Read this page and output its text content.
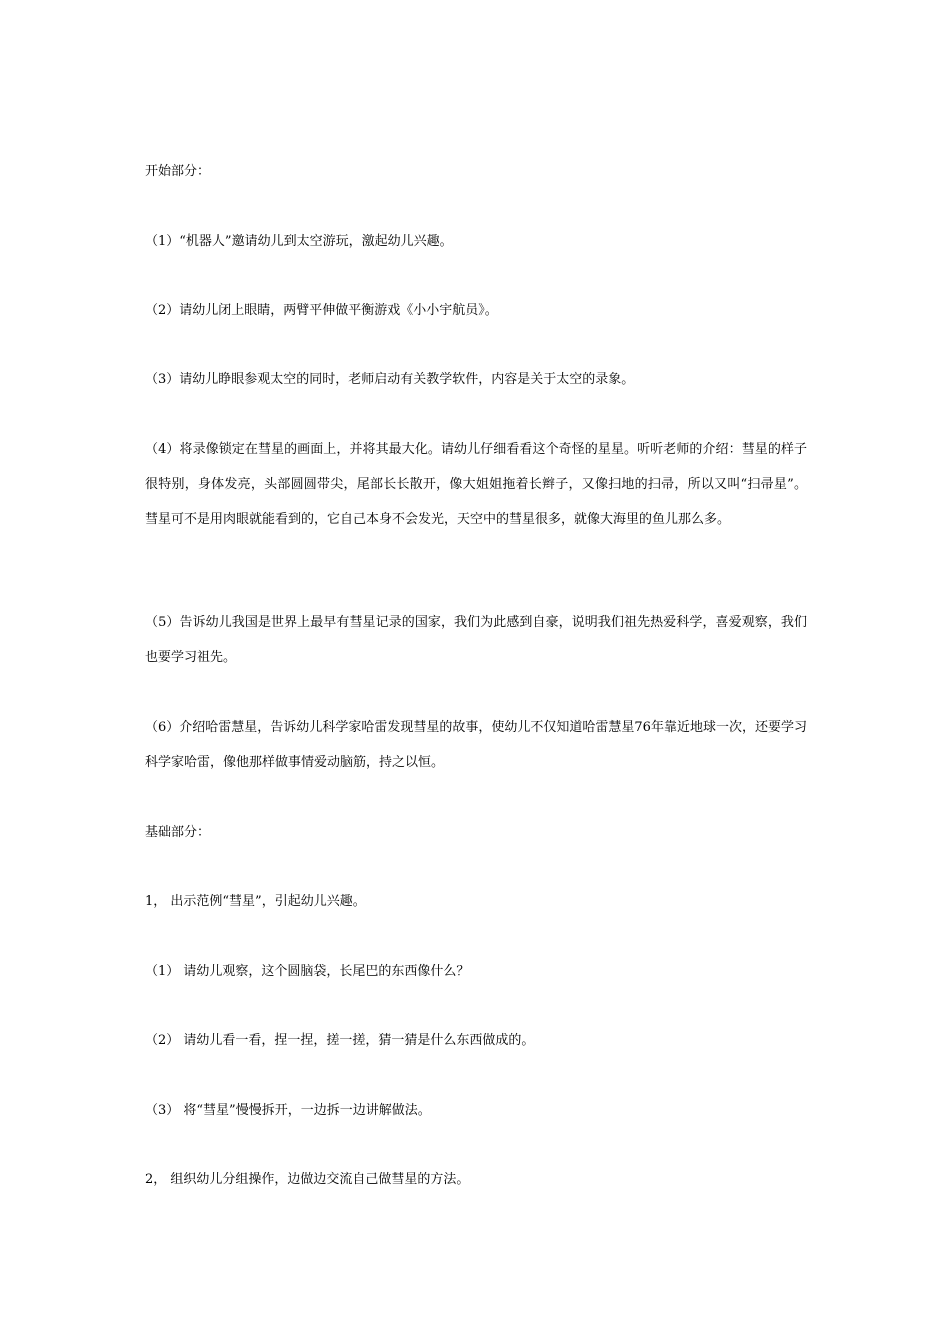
开始部分：

（1）“机器人”邀请幼儿到太空游玩，激起幼儿兴趣。

（2）请幼儿闭上眼睛，两臂平伸做平衡游戏《小小宇航员》。

（3）请幼儿睁眼参观太空的同时，老师启动有关教学软件，内容是关于太空的录象。

（4）将录像锁定在彗星的画面上，并将其最大化。请幼儿仔细看看这个奇怪的星星。听听老师的介绍：彗星的样子很特别，身体发亮，头部圆圆带尖，尾部长长散开，像大姐姐拖着长辫子，又像扫地的扫帚，所以又叫“扫帚星”。彗星可不是用肉眼就能看到的，它自己本身不会发光，天空中的彗星很多，就像大海里的鱼儿那么多。

（5）告诉幼儿我国是世界上最早有彗星记录的国家，我们为此感到自豪，说明我们祖先热爱科学，喜爱观察，我们也要学习祖先。

（6）介绍哈雷慧星，告诉幼儿科学家哈雷发现彗星的故事，使幼儿不仅知道哈雷慧星76年靠近地球一次，还要学习科学家哈雷，像他那样做事情爱动脑筋，持之以恒。

基础部分：

1， 出示范例“彗星”，引起幼儿兴趣。

（1） 请幼儿观察，这个圆脑袋，长尾巴的东西像什么？

（2） 请幼儿看一看，捏一捏，搓一搓，猜一猜是什么东西做成的。

（3） 将“彗星”慢慢拆开，一边拆一边讲解做法。

2， 组织幼儿分组操作，边做边交流自己做彗星的方法。
